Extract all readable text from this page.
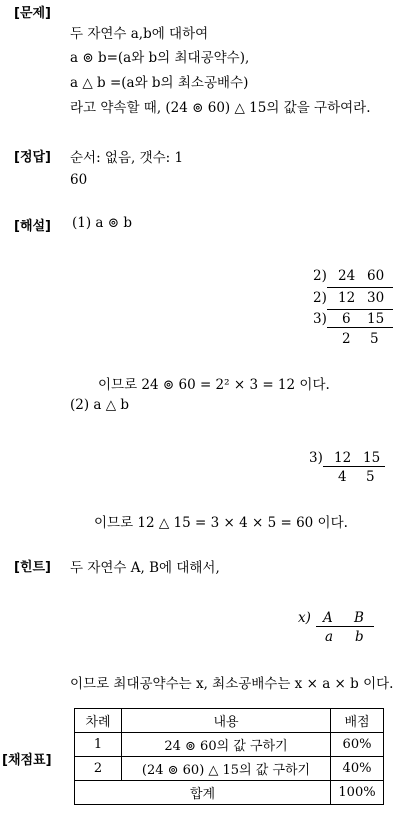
[문제]
두 자연수 a,b에 대하여
a ⊚ b=(a와 b의 최대공약수),
a △ b =(a와 b의 최소공배수)
라고 약속할 때, (24 ⊚ 60) △ 15의 값을 구하여라.
[정답] 순서: 없음, 갯수: 1
60
[해설] (1) a ⊚ b
2) 24 60
2) 12 30
3) 6 15
2 5
이므로 24 ⊚ 60 = 2² × 3 = 12 이다.
(2) a △ b
3) 12 15
4 5
이므로 12 △ 15 = 3 × 4 × 5 = 60 이다.
[힌트] 두 자연수 A, B에 대해서,
x) A B
a b
이므로 최대공약수는 x, 최소공배수는 x × a × b 이다.
[채점표]
차례	내용	배점
1	24 ⊚ 60의 값 구하기	60%
2	(24 ⊚ 60) △ 15의 값 구하기	40%
합계		100%
